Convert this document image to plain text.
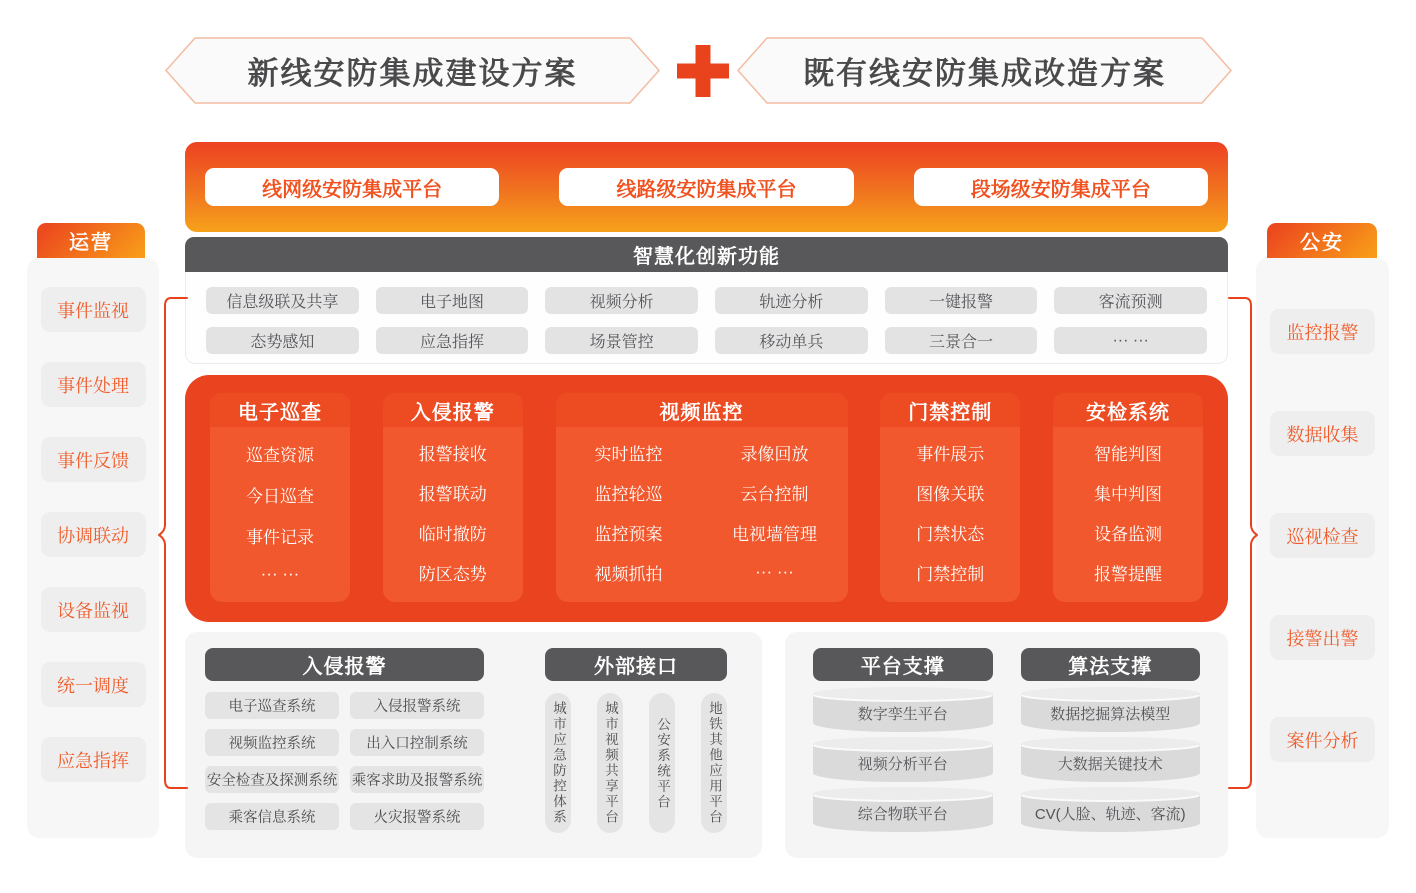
新线安防集成建设方案	既有线安防集成改造方案
线网级安防集成平台	线路级安防集成平台	段场级安防集成平台
智慧化创新功能
信息级联及共享	电子地图	视频分析	轨迹分析	一键报警	客流预测
态势感知	应急指挥	场景管控	移动单兵	三景合一	··· ···
电子巡查
巡查资源
今日巡查
事件记录
··· ···
入侵报警
报警接收
报警联动
临时撤防
防区态势
视频监控
实时监控	录像回放
监控轮巡	云台控制
监控预案	电视墙管理
视频抓拍	··· ···
门禁控制
事件展示
图像关联
门禁状态
门禁控制
安检系统
智能判图
集中判图
设备监测
报警提醒
入侵报警
电子巡查系统	入侵报警系统
视频监控系统	出入口控制系统
安全检查及探测系统 乘客求助及报警系统
乘客信息系统	火灾报警系统
外部接口
城市应急防控体系	城市视频共享平台	公安系统平台	地铁其他应用平台
平台支撑
数字孪生平台
视频分析平台
综合物联平台
算法支撑
数据挖掘算法模型
大数据关键技术
CV(人脸、轨迹、客流)
运营
事件监视
事件处理
事件反馈
协调联动
设备监视
统一调度
应急指挥
公安
监控报警
数据收集
巡视检查
接警出警
案件分析
